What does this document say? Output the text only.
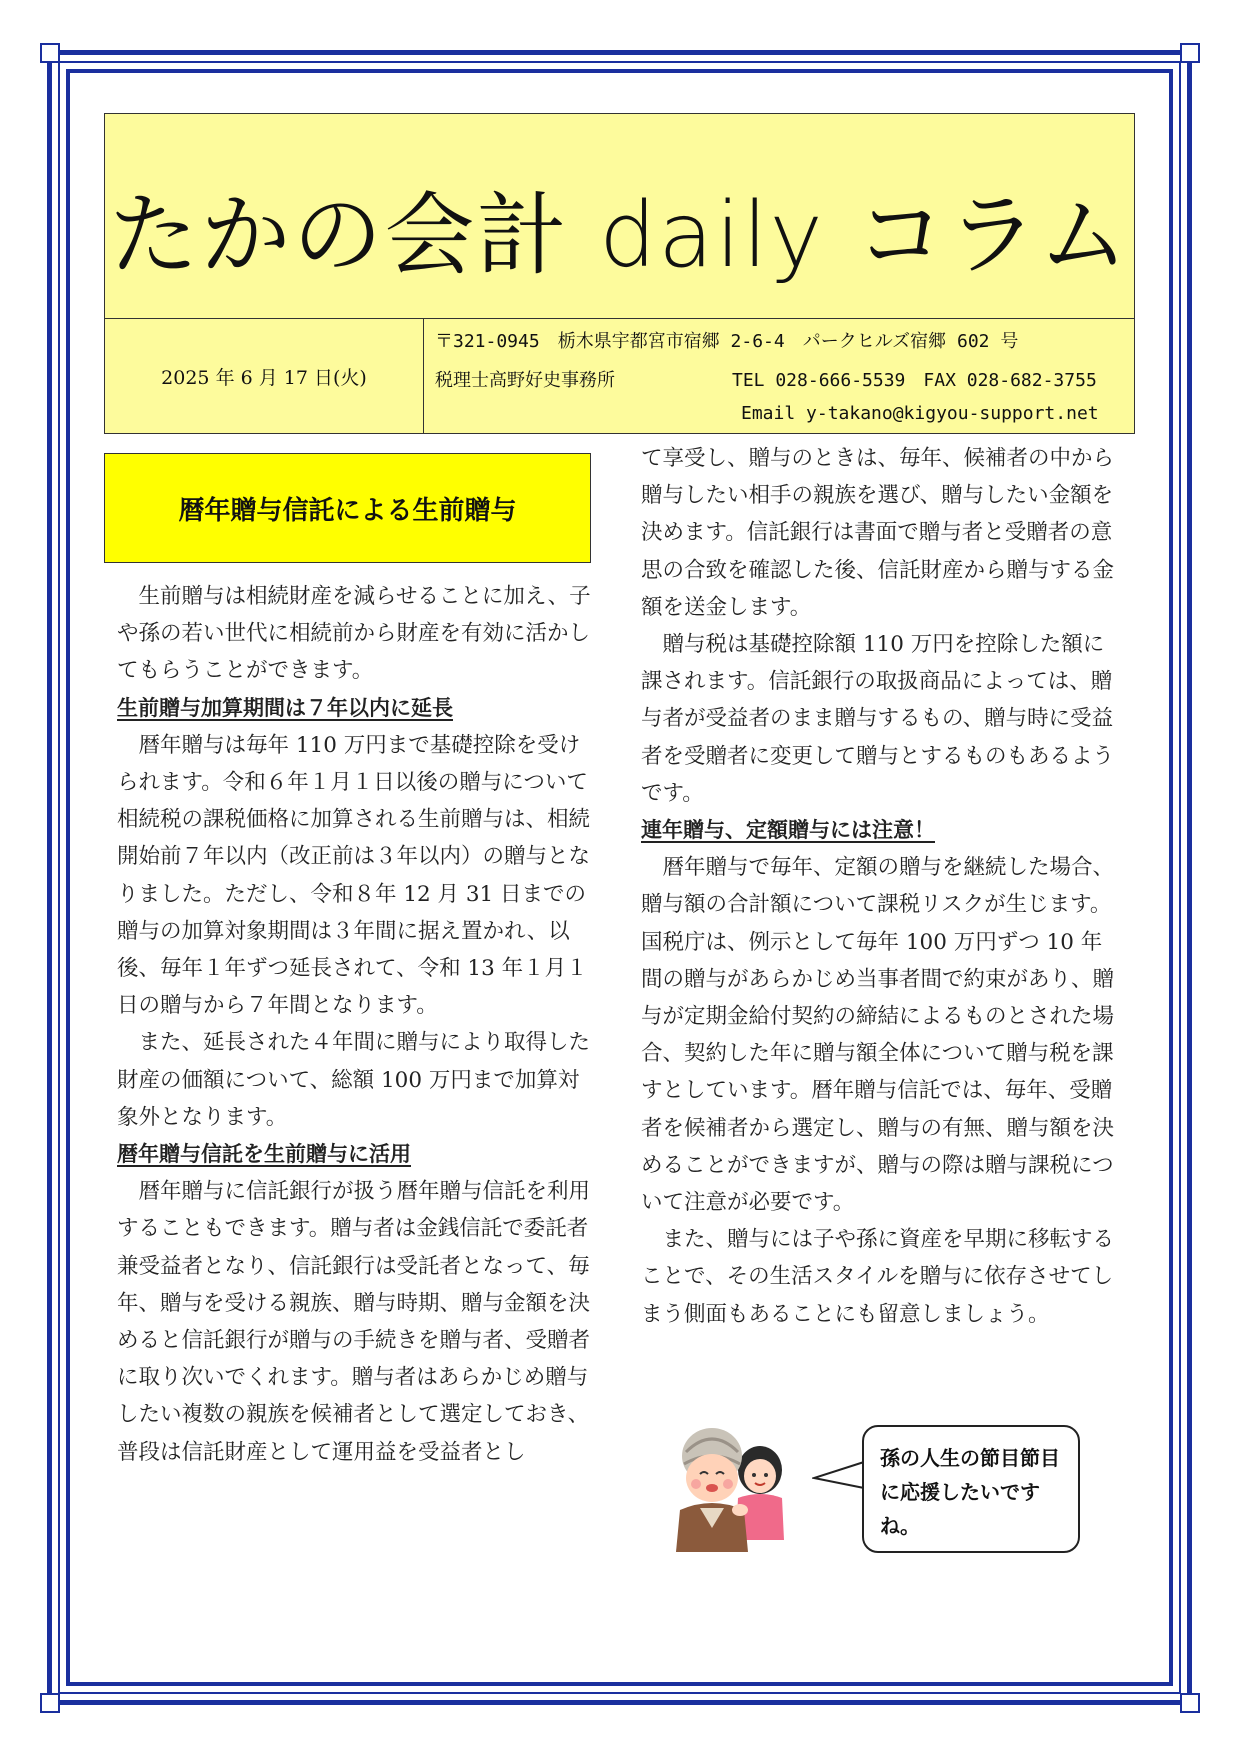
たかの会計 daily コラム
2025 年 6 月 17 日(火)
〒321-0945　栃木県宇都宮市宿郷 2-6-4　パークヒルズ宿郷 602 号
税理士高野好史事務所	TEL 028-666-5539　FAX 028-682-3755
Email y-takano@kigyou-support.net
暦年贈与信託による生前贈与

生前贈与は相続財産を減らせることに加え、子や孫の若い世代に相続前から財産を有効に活かしてもらうことができます。

生前贈与加算期間は７年以内に延長

暦年贈与は毎年 110 万円まで基礎控除を受けられます。令和６年１月１日以後の贈与について相続税の課税価格に加算される生前贈与は、相続開始前７年以内（改正前は３年以内）の贈与となりました。ただし、令和８年 12 月 31 日までの贈与の加算対象期間は３年間に据え置かれ、以後、毎年１年ずつ延長されて、令和 13 年１月１日の贈与から７年間となります。

また、延長された４年間に贈与により取得した財産の価額について、総額 100 万円まで加算対象外となります。

暦年贈与信託を生前贈与に活用

暦年贈与に信託銀行が扱う暦年贈与信託を利用することもできます。贈与者は金銭信託で委託者兼受益者となり、信託銀行は受託者となって、毎年、贈与を受ける親族、贈与時期、贈与金額を決めると信託銀行が贈与の手続きを贈与者、受贈者に取り次いでくれます。贈与者はあらかじめ贈与したい複数の親族を候補者として選定しておき、普段は信託財産として運用益を受益者とし

て享受し、贈与のときは、毎年、候補者の中から贈与したい相手の親族を選び、贈与したい金額を決めます。信託銀行は書面で贈与者と受贈者の意思の合致を確認した後、信託財産から贈与する金額を送金します。

贈与税は基礎控除額 110 万円を控除した額に課されます。信託銀行の取扱商品によっては、贈与者が受益者のまま贈与するもの、贈与時に受益者を受贈者に変更して贈与とするものもあるようです。

連年贈与、定額贈与には注意！

暦年贈与で毎年、定額の贈与を継続した場合、贈与額の合計額について課税リスクが生じます。国税庁は、例示として毎年 100 万円ずつ 10 年間の贈与があらかじめ当事者間で約束があり、贈与が定期金給付契約の締結によるものとされた場合、契約した年に贈与額全体について贈与税を課すとしています。暦年贈与信託では、毎年、受贈者を候補者から選定し、贈与の有無、贈与額を決めることができますが、贈与の際は贈与課税について注意が必要です。

また、贈与には子や孫に資産を早期に移転することで、その生活スタイルを贈与に依存させてしまう側面もあることにも留意しましょう。

孫の人生の節目節目に応援したいですね。
